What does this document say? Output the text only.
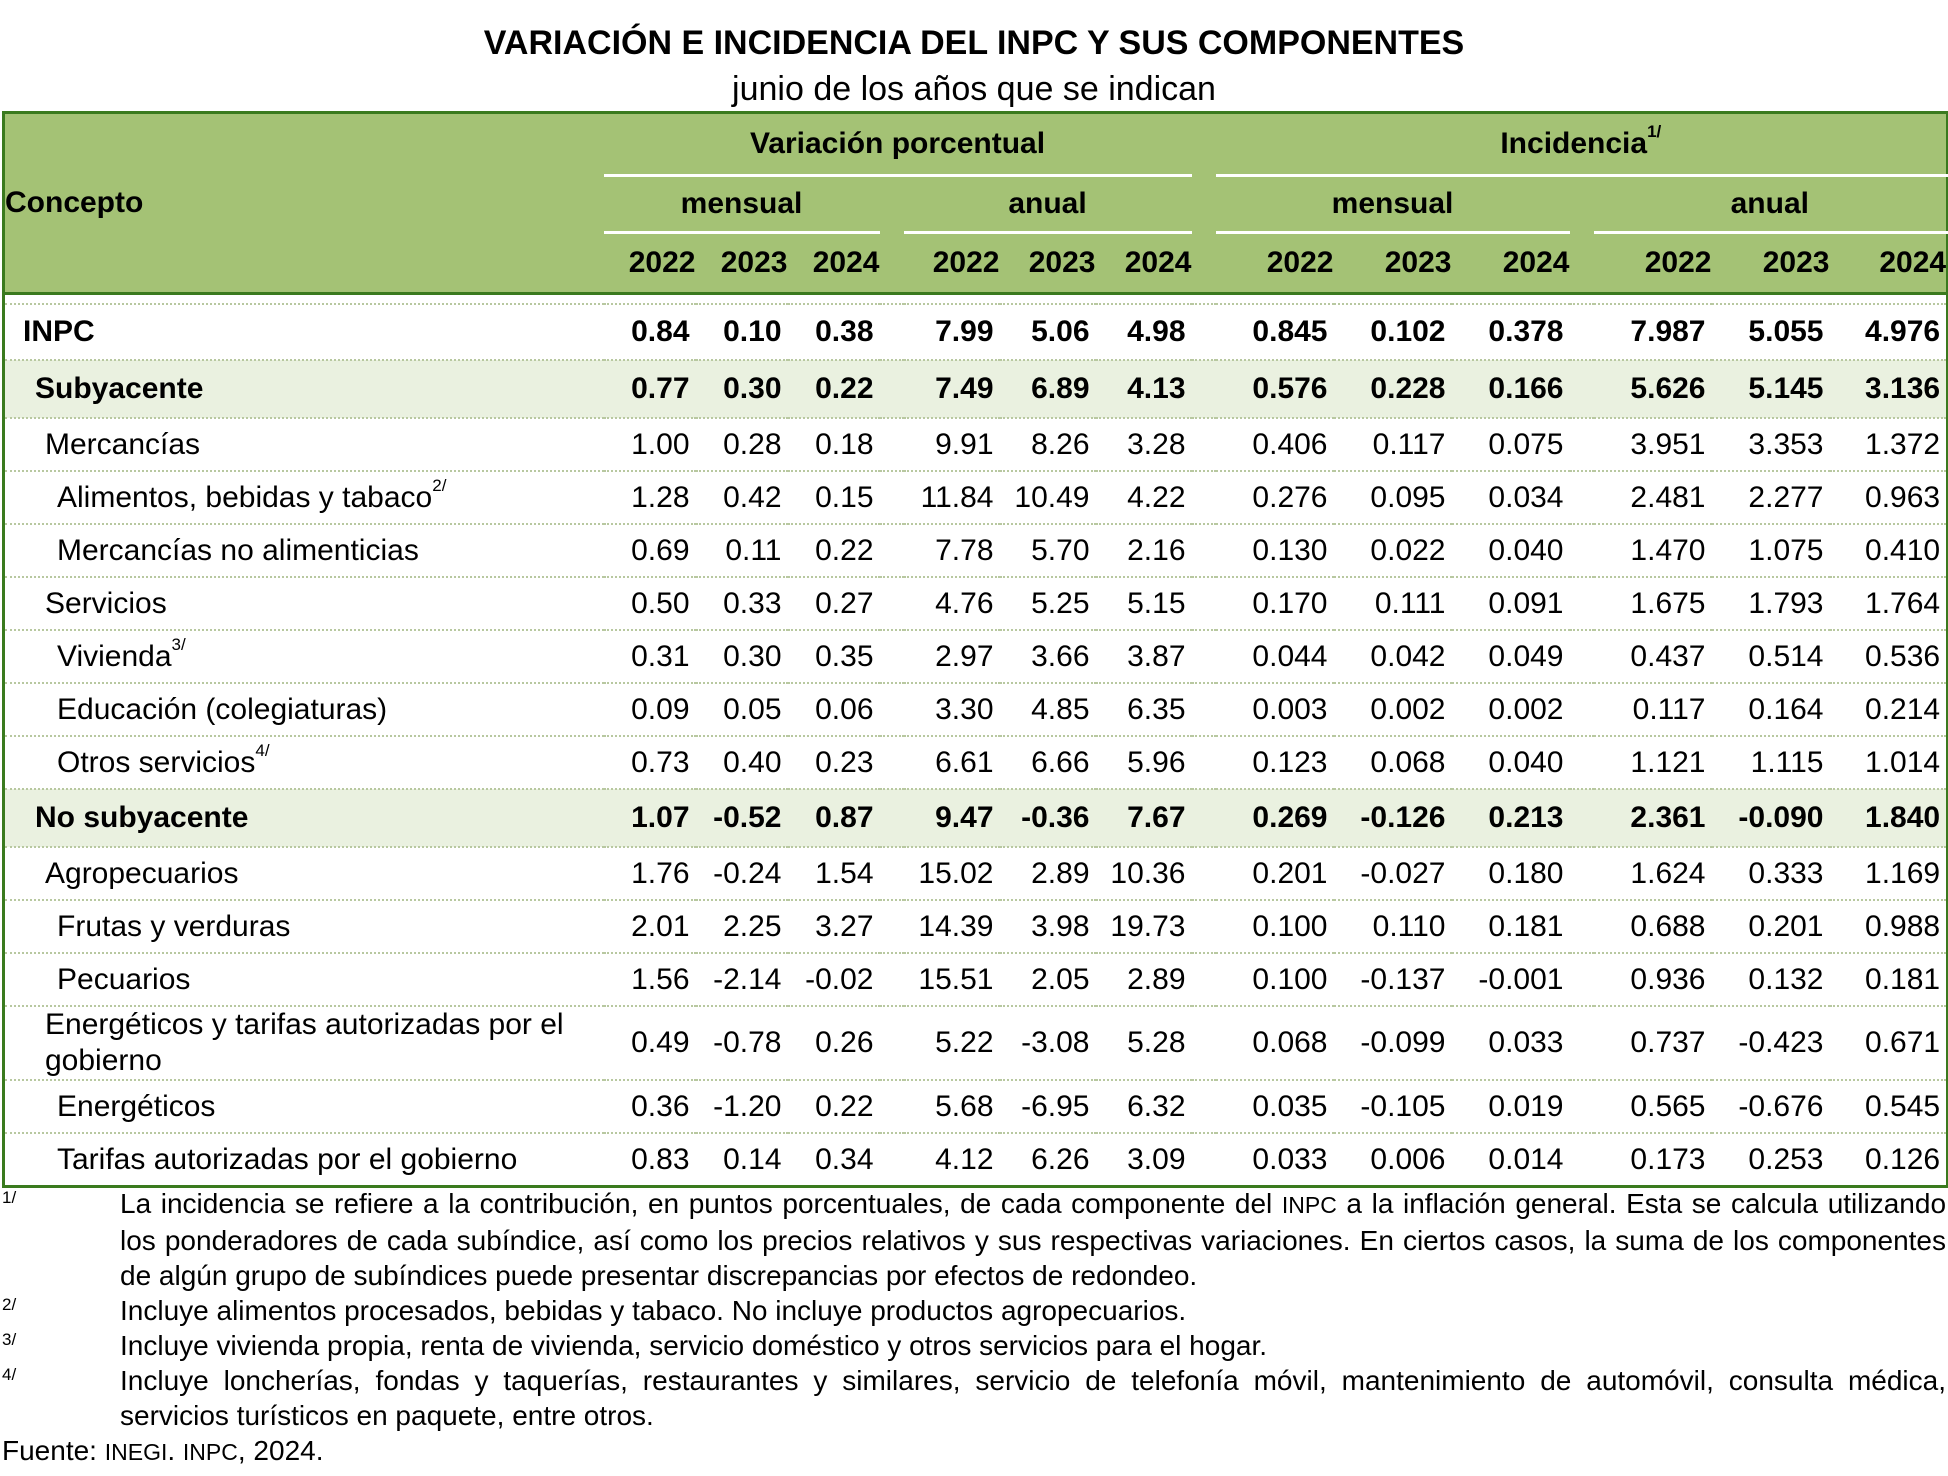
VARIACIÓN E INCIDENCIA DEL INPC Y SUS COMPONENTES
junio de los años que se indican
Concepto	Variación porcentual								Incidencia$^{1/}$
	mensual				anual				mensual				anual		
	2022	2023	2024		2022	2023	2024		2022	2023	2024		2022	2023	2024

INPC	0.84	0.10	0.38		7.99	5.06	4.98		0.845	0.102	0.378		7.987	5.055	4.976
Subyacente	0.77	0.30	0.22		7.49	6.89	4.13		0.576	0.228	0.166		5.626	5.145	3.136
Mercancías	1.00	0.28	0.18		9.91	8.26	3.28		0.406	0.117	0.075		3.951	3.353	1.372
Alimentos, bebidas y tabaco$^{2/}$	1.28	0.42	0.15		11.84	10.49	4.22		0.276	0.095	0.034		2.481	2.277	0.963
Mercancías no alimenticias	0.69	0.11	0.22		7.78	5.70	2.16		0.130	0.022	0.040		1.470	1.075	0.410
Servicios	0.50	0.33	0.27		4.76	5.25	5.15		0.170	0.111	0.091		1.675	1.793	1.764
Vivienda$^{3/}$	0.31	0.30	0.35		2.97	3.66	3.87		0.044	0.042	0.049		0.437	0.514	0.536
Educación (colegiaturas)	0.09	0.05	0.06		3.30	4.85	6.35		0.003	0.002	0.002		0.117	0.164	0.214
Otros servicios$^{4/}$	0.73	0.40	0.23		6.61	6.66	5.96		0.123	0.068	0.040		1.121	1.115	1.014
No subyacente	1.07	-0.52	0.87		9.47	-0.36	7.67		0.269	-0.126	0.213		2.361	-0.090	1.840
Agropecuarios	1.76	-0.24	1.54		15.02	2.89	10.36		0.201	-0.027	0.180		1.624	0.333	1.169
Frutas y verduras	2.01	2.25	3.27		14.39	3.98	19.73		0.100	0.110	0.181		0.688	0.201	0.988
Pecuarios	1.56	-2.14	-0.02		15.51	2.05	2.89		0.100	-0.137	-0.001		0.936	0.132	0.181
Energéticos y tarifas autorizadas por el gobierno	0.49	-0.78	0.26		5.22	-3.08	5.28		0.068	-0.099	0.033		0.737	-0.423	0.671
Energéticos	0.36	-1.20	0.22		5.68	-6.95	6.32		0.035	-0.105	0.019		0.565	-0.676	0.545
Tarifas autorizadas por el gobierno	0.83	0.14	0.34		4.12	6.26	3.09		0.033	0.006	0.014		0.173	0.253	0.126
1/	La incidencia se refiere a la contribución, en puntos porcentuales, de cada componente del INPC a la inflación general. Esta se calcula utilizando los ponderadores de cada subíndice, así como los precios relativos y sus respectivas variaciones. En ciertos casos, la suma de los componentes de algún grupo de subíndices puede presentar discrepancias por efectos de redondeo.
2/	Incluye alimentos procesados, bebidas y tabaco. No incluye productos agropecuarios.
3/	Incluye vivienda propia, renta de vivienda, servicio doméstico y otros servicios para el hogar.
4/	Incluye loncherías, fondas y taquerías, restaurantes y similares, servicio de telefonía móvil, mantenimiento de automóvil, consulta médica, servicios turísticos en paquete, entre otros.
Fuente: INEGI. INPC, 2024.
